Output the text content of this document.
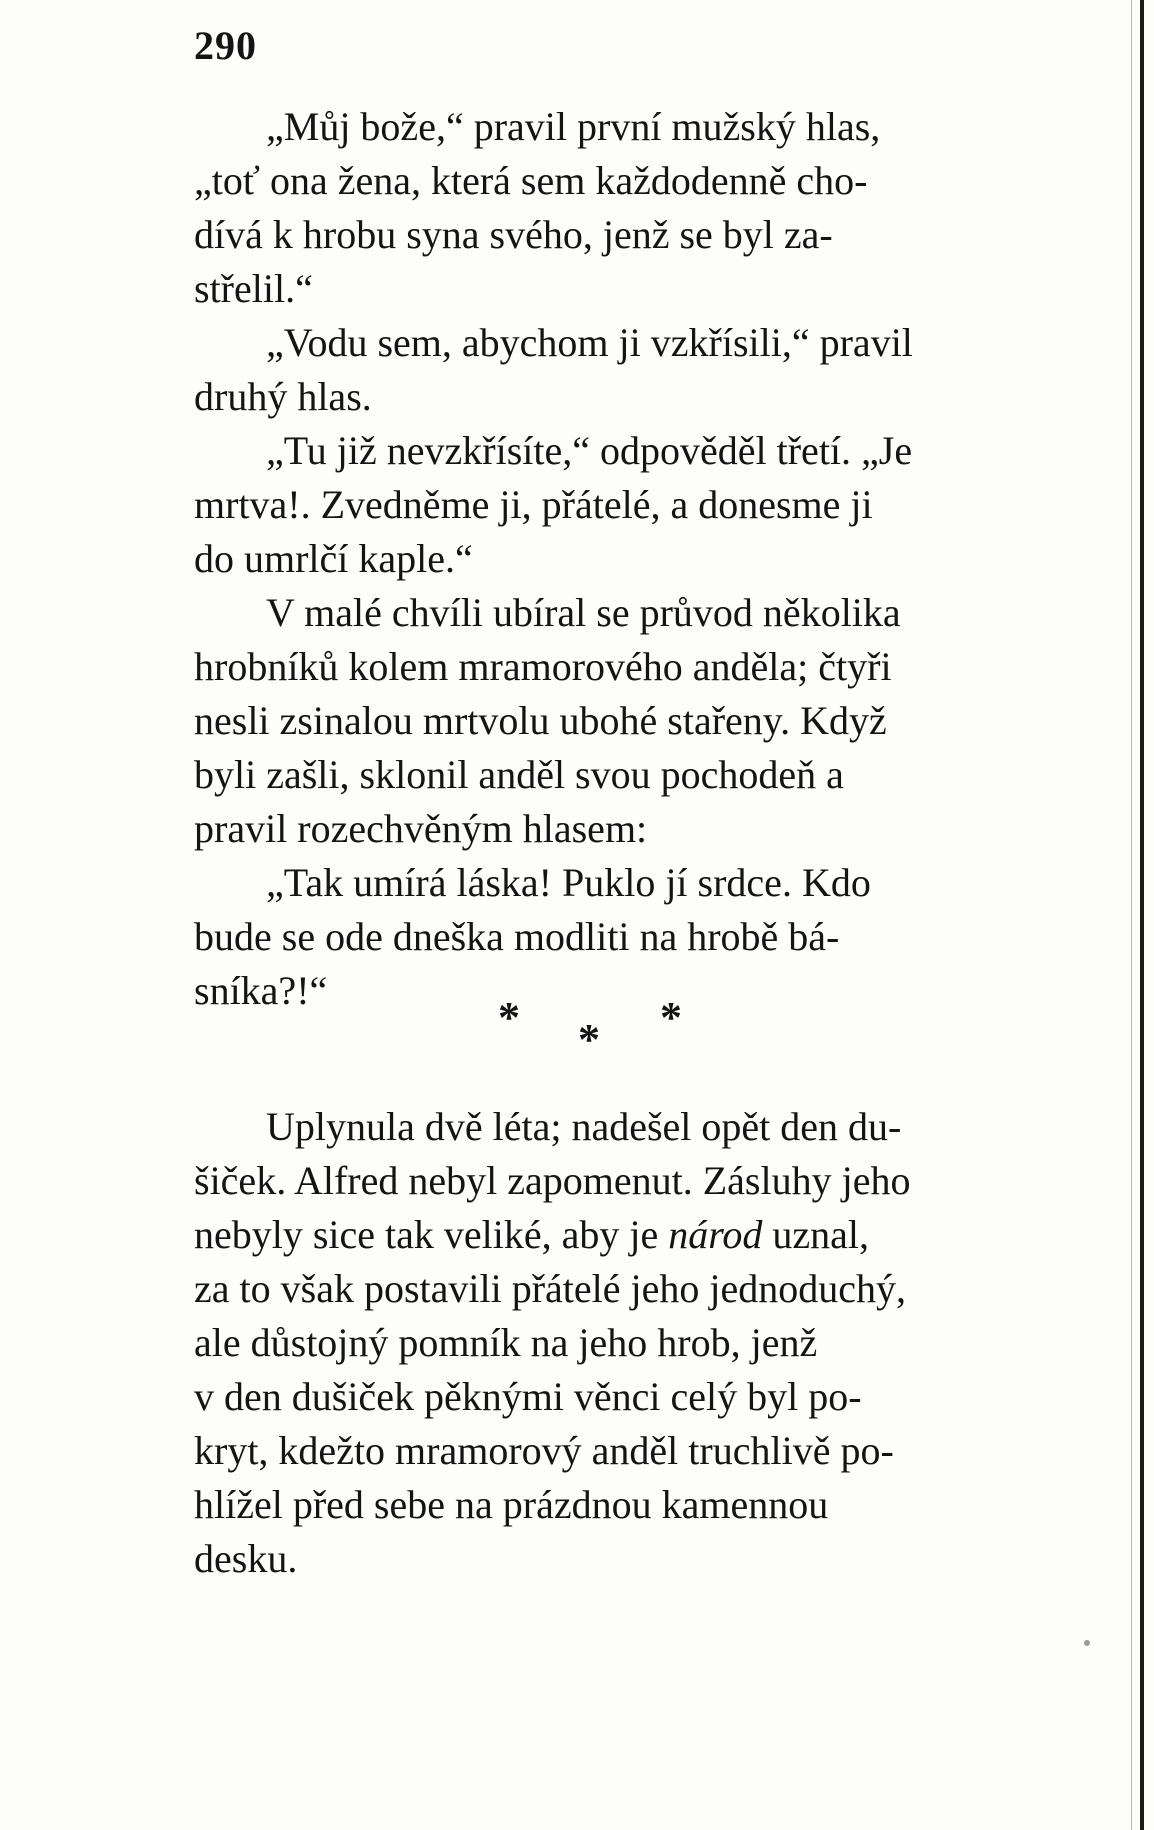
290

„Můj bože,“ pravil první mužský hlas,
„toť ona žena, která sem každodenně cho-
dívá k hrobu syna svého, jenž se byl za-
střelil.“

„Vodu sem, abychom ji vzkřísili,“ pravil
druhý hlas.

„Tu již nevzkřísíte,“ odpověděl třetí. „Je
mrtva!. Zvedněme ji, přátelé, a donesme ji
do umrlčí kaple.“

V malé chvíli ubíral se průvod několika
hrobníků kolem mramorového anděla; čtyři
nesli zsinalou mrtvolu ubohé stařeny. Když
byli zašli, sklonil anděl svou pochodeň a
pravil rozechvěným hlasem:

„Tak umírá láska! Puklo jí srdce. Kdo
bude se ode dneška modliti na hrobě bá-
sníka?!“

* * *

Uplynula dvě léta; nadešel opět den du-
šiček. Alfred nebyl zapomenut. Zásluhy jeho
nebyly sice tak veliké, aby je národ uznal,
za to však postavili přátelé jeho jednoduchý,
ale důstojný pomník na jeho hrob, jenž
v den dušiček pěknými věnci celý byl po-
kryt, kdežto mramorový anděl truchlivě po-
hlížel před sebe na prázdnou kamennou
desku.
